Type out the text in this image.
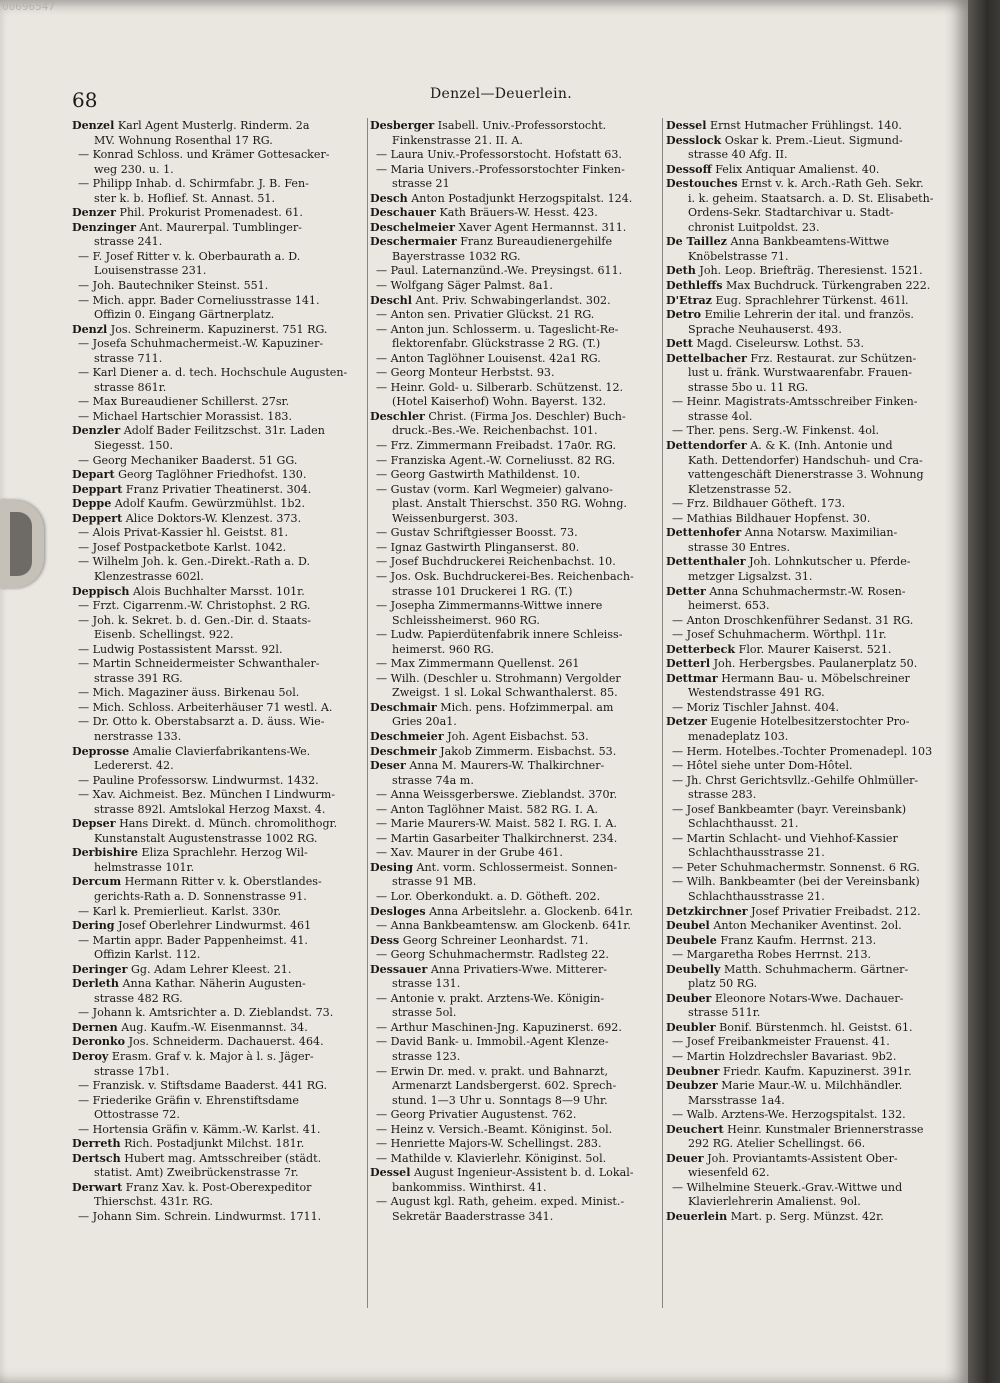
00696547
68	Denzel—Deuerlein.
Denzel Karl Agent Musterlg. Rinderm. 2a
MV. Wohnung Rosenthal 17 RG.
— Konrad Schloss. und Krämer Gottesacker-
weg 230. u. 1.
— Philipp Inhab. d. Schirmfabr. J. B. Fen-
ster k. b. Hoflief. St. Annast. 51.
Denzer Phil. Prokurist Promenadest. 61.
Denzinger Ant. Maurerpal. Tumblinger-
strasse 241.
— F. Josef Ritter v. k. Oberbaurath a. D.
Louisenstrasse 231.
— Joh. Bautechniker Steinst. 551.
— Mich. appr. Bader Corneliusstrasse 141.
Offizin 0. Eingang Gärtnerplatz.
Denzl Jos. Schreinerm. Kapuzinerst. 751 RG.
— Josefa Schuhmachermeist.-W. Kapuziner-
strasse 711.
— Karl Diener a. d. tech. Hochschule Augusten-
strasse 861r.
— Max Bureaudiener Schillerst. 27sr.
— Michael Hartschier Morassist. 183.
Denzler Adolf Bader Feilitzschst. 31r. Laden
Siegesst. 150.
— Georg Mechaniker Baaderst. 51 GG.
Depart Georg Taglöhner Friedhofst. 130.
Deppart Franz Privatier Theatinerst. 304.
Deppe Adolf Kaufm. Gewürzmühlst. 1b2.
Deppert Alice Doktors-W. Klenzest. 373.
— Alois Privat-Kassier hl. Geistst. 81.
— Josef Postpacketbote Karlst. 1042.
— Wilhelm Joh. k. Gen.-Direkt.-Rath a. D.
Klenzestrasse 602l.
Deppisch Alois Buchhalter Marsst. 101r.
— Frzt. Cigarrenm.-W. Christophst. 2 RG.
— Joh. k. Sekret. b. d. Gen.-Dir. d. Staats-
Eisenb. Schellingst. 922.
— Ludwig Postassistent Marsst. 92l.
— Martin Schneidermeister Schwanthaler-
strasse 391 RG.
— Mich. Magaziner äuss. Birkenau 5ol.
— Mich. Schloss. Arbeiterhäuser 71 westl. A.
— Dr. Otto k. Oberstabsarzt a. D. äuss. Wie-
nerstrasse 133.
Deprosse Amalie Clavierfabrikantens-We.
Ledererst. 42.
— Pauline Professorsw. Lindwurmst. 1432.
— Xav. Aichmeist. Bez. München I Lindwurm-
strasse 892l. Amtslokal Herzog Maxst. 4.
Depser Hans Direkt. d. Münch. chromolithogr.
Kunstanstalt Augustenstrasse 1002 RG.
Derbishire Eliza Sprachlehr. Herzog Wil-
helmstrasse 101r.
Dercum Hermann Ritter v. k. Oberstlandes-
gerichts-Rath a. D. Sonnenstrasse 91.
— Karl k. Premierlieut. Karlst. 330r.
Dering Josef Oberlehrer Lindwurmst. 461
— Martin appr. Bader Pappenheimst. 41.
Offizin Karlst. 112.
Deringer Gg. Adam Lehrer Kleest. 21.
Derleth Anna Kathar. Näherin Augusten-
strasse 482 RG.
— Johann k. Amtsrichter a. D. Zieblandst. 73.
Dernen Aug. Kaufm.-W. Eisenmannst. 34.
Deronko Jos. Schneiderm. Dachauerst. 464.
Deroy Erasm. Graf v. k. Major à l. s. Jäger-
strasse 17b1.
— Franzisk. v. Stiftsdame Baaderst. 441 RG.
— Friederike Gräfin v. Ehrenstiftsdame
Ottostrasse 72.
— Hortensia Gräfin v. Kämm.-W. Karlst. 41.
Derreth Rich. Postadjunkt Milchst. 181r.
Dertsch Hubert mag. Amtsschreiber (städt.
statist. Amt) Zweibrückenstrasse 7r.
Derwart Franz Xav. k. Post-Oberexpeditor
Thierschst. 431r. RG.
— Johann Sim. Schrein. Lindwurmst. 1711.
Desberger Isabell. Univ.-Professorstocht.
Finkenstrasse 21. II. A.
— Laura Univ.-Professorstocht. Hofstatt 63.
— Maria Univers.-Professorstochter Finken-
strasse 21
Desch Anton Postadjunkt Herzogspitalst. 124.
Deschauer Kath Bräuers-W. Hesst. 423.
Deschelmeier Xaver Agent Hermannst. 311.
Deschermaier Franz Bureaudienergehilfe
Bayerstrasse 1032 RG.
— Paul. Laternanzünd.-We. Preysingst. 611.
— Wolfgang Säger Palmst. 8a1.
Deschl Ant. Priv. Schwabingerlandst. 302.
— Anton sen. Privatier Glückst. 21 RG.
— Anton jun. Schlosserm. u. Tageslicht-Re-
flektorenfabr. Glückstrasse 2 RG. (T.)
— Anton Taglöhner Louisenst. 42a1 RG.
— Georg Monteur Herbstst. 93.
— Heinr. Gold- u. Silberarb. Schützenst. 12.
(Hotel Kaiserhof) Wohn. Bayerst. 132.
Deschler Christ. (Firma Jos. Deschler) Buch-
druck.-Bes.-We. Reichenbachst. 101.
— Frz. Zimmermann Freibadst. 17a0r. RG.
— Franziska Agent.-W. Corneliusst. 82 RG.
— Georg Gastwirth Mathildenst. 10.
— Gustav (vorm. Karl Wegmeier) galvano-
plast. Anstalt Thierschst. 350 RG. Wohng.
Weissenburgerst. 303.
— Gustav Schriftgiesser Boosst. 73.
— Ignaz Gastwirth Plinganserst. 80.
— Josef Buchdruckerei Reichenbachst. 10.
— Jos. Osk. Buchdruckerei-Bes. Reichenbach-
strasse 101 Druckerei 1 RG. (T.)
— Josepha Zimmermanns-Wittwe innere
Schleissheimerst. 960 RG.
— Ludw. Papierdütenfabrik innere Schleiss-
heimerst. 960 RG.
— Max Zimmermann Quellenst. 261
— Wilh. (Deschler u. Strohmann) Vergolder
Zweigst. 1 sl. Lokal Schwanthalerst. 85.
Deschmair Mich. pens. Hofzimmerpal. am
Gries 20a1.
Deschmeier Joh. Agent Eisbachst. 53.
Deschmeir Jakob Zimmerm. Eisbachst. 53.
Deser Anna M. Maurers-W. Thalkirchner-
strasse 74a m.
— Anna Weissgerberswe. Zieblandst. 370r.
— Anton Taglöhner Maist. 582 RG. I. A.
— Marie Maurers-W. Maist. 582 I. RG. I. A.
— Martin Gasarbeiter Thalkirchnerst. 234.
— Xav. Maurer in der Grube 461.
Desing Ant. vorm. Schlossermeist. Sonnen-
strasse 91 MB.
— Lor. Oberkondukt. a. D. Götheft. 202.
Desloges Anna Arbeitslehr. a. Glockenb. 641r.
— Anna Bankbeamtensw. am Glockenb. 641r.
Dess Georg Schreiner Leonhardst. 71.
— Georg Schuhmachermstr. Radlsteg 22.
Dessauer Anna Privatiers-Wwe. Mitterer-
strasse 131.
— Antonie v. prakt. Arztens-We. Königin-
strasse 5ol.
— Arthur Maschinen-Jng. Kapuzinerst. 692.
— David Bank- u. Immobil.-Agent Klenze-
strasse 123.
— Erwin Dr. med. v. prakt. und Bahnarzt,
Armenarzt Landsbergerst. 602. Sprech-
stund. 1—3 Uhr u. Sonntags 8—9 Uhr.
— Georg Privatier Augustenst. 762.
— Heinz v. Versich.-Beamt. Königinst. 5ol.
— Henriette Majors-W. Schellingst. 283.
— Mathilde v. Klavierlehr. Königinst. 5ol.
Dessel August Ingenieur-Assistent b. d. Lokal-
bankommiss. Winthirst. 41.
— August kgl. Rath, geheim. exped. Minist.-
Sekretär Baaderstrasse 341.
Dessel Ernst Hutmacher Frühlingst. 140.
Desslock Oskar k. Prem.-Lieut. Sigmund-
strasse 40 Afg. II.
Dessoff Felix Antiquar Amalienst. 40.
Destouches Ernst v. k. Arch.-Rath Geh. Sekr.
i. k. geheim. Staatsarch. a. D. St. Elisabeth-
Ordens-Sekr. Stadtarchivar u. Stadt-
chronist Luitpoldst. 23.
De Taillez Anna Bankbeamtens-Wittwe
Knöbelstrasse 71.
Deth Joh. Leop. Briefträg. Theresienst. 1521.
Dethleffs Max Buchdruck. Türkengraben 222.
D'Etraz Eug. Sprachlehrer Türkenst. 461l.
Detro Emilie Lehrerin der ital. und französ.
Sprache Neuhauserst. 493.
Dett Magd. Ciseleursw. Lothst. 53.
Dettelbacher Frz. Restaurat. zur Schützen-
lust u. fränk. Wurstwaarenfabr. Frauen-
strasse 5bo u. 11 RG.
— Heinr. Magistrats-Amtsschreiber Finken-
strasse 4ol.
— Ther. pens. Serg.-W. Finkenst. 4ol.
Dettendorfer A. & K. (Inh. Antonie und
Kath. Dettendorfer) Handschuh- und Cra-
vattengeschäft Dienerstrasse 3. Wohnung
Kletzenstrasse 52.
— Frz. Bildhauer Götheft. 173.
— Mathias Bildhauer Hopfenst. 30.
Dettenhofer Anna Notarsw. Maximilian-
strasse 30 Entres.
Dettenthaler Joh. Lohnkutscher u. Pferde-
metzger Ligsalzst. 31.
Detter Anna Schuhmachermstr.-W. Rosen-
heimerst. 653.
— Anton Droschkenführer Sedanst. 31 RG.
— Josef Schuhmacherm. Wörthpl. 11r.
Detterbeck Flor. Maurer Kaiserst. 521.
Detterl Joh. Herbergsbes. Paulanerplatz 50.
Dettmar Hermann Bau- u. Möbelschreiner
Westendstrasse 491 RG.
— Moriz Tischler Jahnst. 404.
Detzer Eugenie Hotelbesitzerstochter Pro-
menadeplatz 103.
— Herm. Hotelbes.-Tochter Promenadepl. 103
— Hôtel siehe unter Dom-Hôtel.
— Jh. Chrst Gerichtsvllz.-Gehilfe Ohlmüller-
strasse 283.
— Josef Bankbeamter (bayr. Vereinsbank)
Schlachthausst. 21.
— Martin Schlacht- und Viehhof-Kassier
Schlachthausstrasse 21.
— Peter Schuhmachermstr. Sonnenst. 6 RG.
— Wilh. Bankbeamter (bei der Vereinsbank)
Schlachthausstrasse 21.
Detzkirchner Josef Privatier Freibadst. 212.
Deubel Anton Mechaniker Aventinst. 2ol.
Deubele Franz Kaufm. Herrnst. 213.
— Margaretha Robes Herrnst. 213.
Deubelly Matth. Schuhmacherm. Gärtner-
platz 50 RG.
Deuber Eleonore Notars-Wwe. Dachauer-
strasse 511r.
Deubler Bonif. Bürstenmch. hl. Geistst. 61.
— Josef Freibankmeister Frauenst. 41.
— Martin Holzdrechsler Bavariast. 9b2.
Deubner Friedr. Kaufm. Kapuzinerst. 391r.
Deubzer Marie Maur.-W. u. Milchhändler.
Marsstrasse 1a4.
— Walb. Arztens-We. Herzogspitalst. 132.
Deuchert Heinr. Kunstmaler Briennerstrasse
292 RG. Atelier Schellingst. 66.
Deuer Joh. Proviantamts-Assistent Ober-
wiesenfeld 62.
— Wilhelmine Steuerk.-Grav.-Wittwe und
Klavierlehrerin Amalienst. 9ol.
Deuerlein Mart. p. Serg. Münzst. 42r.
